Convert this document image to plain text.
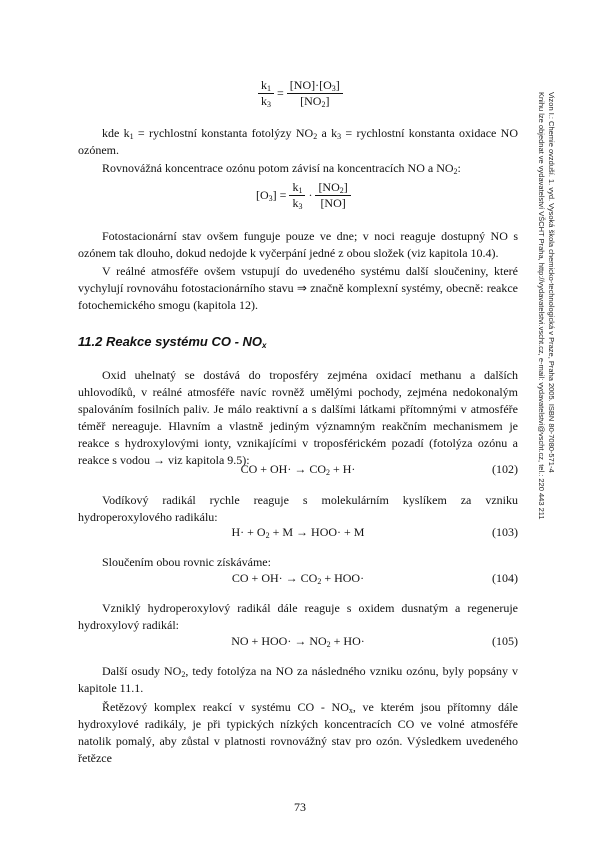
$\frac{k_1}{k_3} = \frac{[NO]\cdot[O_3]}{[NO_2]}$

kde $k_1$ = rychlostní konstanta fotolýzy $NO_2$ a $k_3$ = rychlostní konstanta oxidace NO ozónem.

Rovnovážná koncentrace ozónu potom závisí na koncentracích NO a $NO_2$:

$[O_3] = \frac{k_1}{k_3} \cdot \frac{[NO_2]}{[NO]}$

Fotostacionární stav ovšem funguje pouze ve dne; v noci reaguje dostupný NO s ozónem tak dlouho, dokud nedojde k vyčerpání jedné z obou složek (viz kapitola 10.4).

V reálné atmosféře ovšem vstupují do uvedeného systému další sloučeniny, které vychylují rovnováhu fotostacionárního stavu ⇒ značně komplexní systémy, obecně: reakce fotochemického smogu (kapitola 12).

11.2 Reakce systému CO - $NO_x$

Oxid uhelnatý se dostává do troposféry zejména oxidací methanu a dalších uhlovodíků, v reálné atmosféře navíc rovněž umělými pochody, zejména nedokonalým spalováním fosilních paliv. Je málo reaktivní a s dalšími látkami přítomnými v atmosféře téměř nereaguje. Hlavním a vlastně jediným významným reakčním mechanismem je reakce s hydroxylovými ionty, vznikajícími v troposférickém pozadí (fotolýza ozónu a reakce s vodou → viz kapitola 9.5):

CO + $OH\cdot \to CO_2 + H\cdot$	(102)

Vodíkový radikál rychle reaguje s molekulárním kyslíkem za vzniku hydroperoxylového radikálu:

$H\cdot + O_2 + M \to HOO\cdot + M$	(103)

Sloučením obou rovnic získáváme:

CO + $OH\cdot \to CO_2 + HOO\cdot$	(104)

Vzniklý hydroperoxylový radikál dále reaguje s oxidem dusnatým a regeneruje hydroxylový radikál:

NO + $HOO\cdot \to NO_2 + HO\cdot$	(105)

Další osudy $NO_2$, tedy fotolýza na NO za následného vzniku ozónu, byly popsány v kapitole 11.1.

Řetězový komplex reakcí v systému CO - $NO_x$, ve kterém jsou přítomny dále hydroxylové radikály, je při typických nízkých koncentracích CO ve volné atmosféře natolik pomalý, aby zůstal v platnosti rovnovážný stav pro ozón. Výsledkem uvedeného řetězce

Vizon I.: Chemie ovzduší. 1. vyd. Vysoká škola chemicko-technologická v Praze, Praha 2005. ISBN 80-7080-571-4
Knihu lze objednat ve vydavatelství VŠCHT Praha, http://vydavatelstvi.vscht.cz, e-mail: vydavatelstvi@vscht.cz, tel.: 220 443 211
73
